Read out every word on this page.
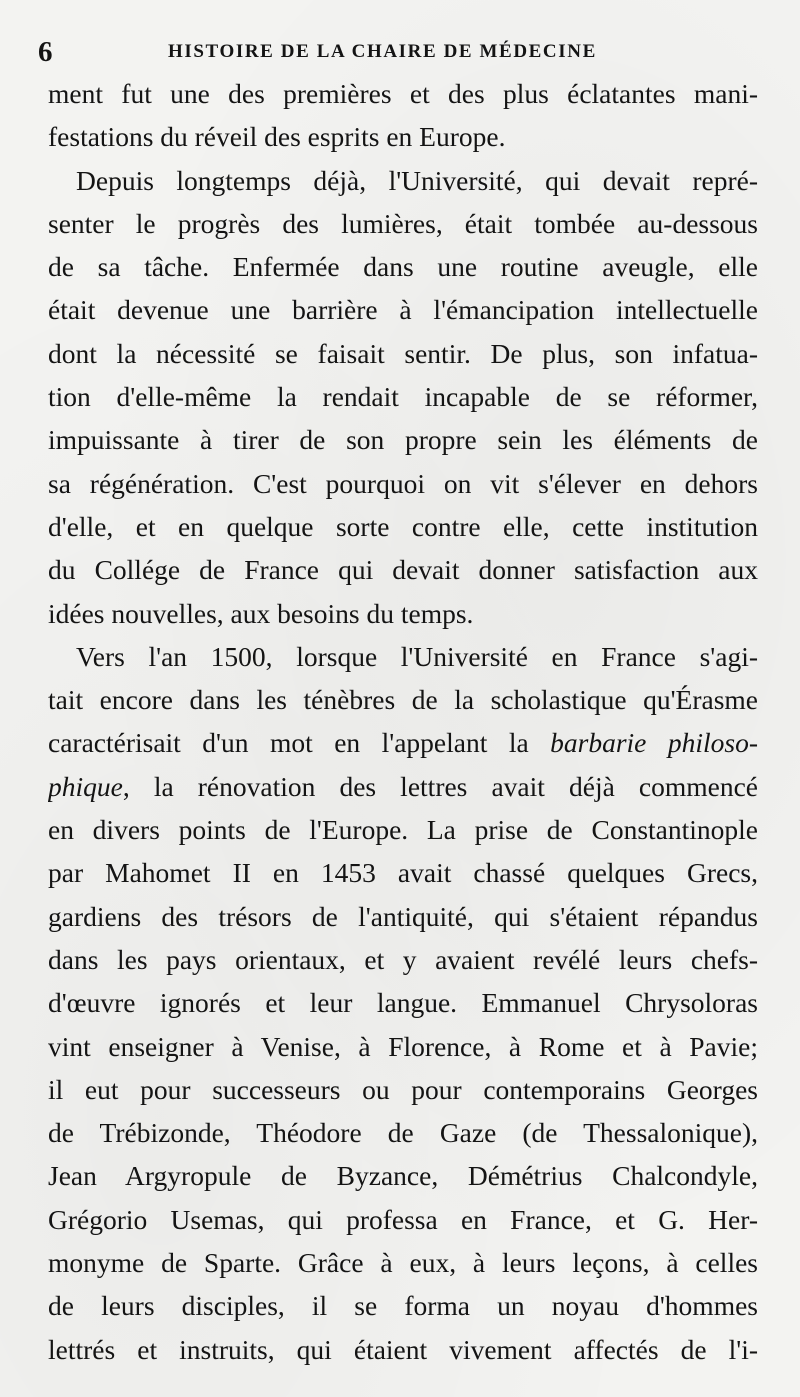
6	HISTOIRE DE LA CHAIRE DE MÉDECINE
ment fut une des premières et des plus éclatantes mani-
festations du réveil des esprits en Europe.
Depuis longtemps déjà, l'Université, qui devait repré-
senter le progrès des lumières, était tombée au-dessous
de sa tâche. Enfermée dans une routine aveugle, elle
était devenue une barrière à l'émancipation intellectuelle
dont la nécessité se faisait sentir. De plus, son infatua-
tion d'elle-même la rendait incapable de se réformer,
impuissante à tirer de son propre sein les éléments de
sa régénération. C'est pourquoi on vit s'élever en dehors
d'elle, et en quelque sorte contre elle, cette institution
du Collége de France qui devait donner satisfaction aux
idées nouvelles, aux besoins du temps.
Vers l'an 1500, lorsque l'Université en France s'agi-
tait encore dans les ténèbres de la scholastique qu'Érasme
caractérisait d'un mot en l'appelant la barbarie philoso-
phique, la rénovation des lettres avait déjà commencé
en divers points de l'Europe. La prise de Constantinople
par Mahomet II en 1453 avait chassé quelques Grecs,
gardiens des trésors de l'antiquité, qui s'étaient répandus
dans les pays orientaux, et y avaient revélé leurs chefs-
d'œuvre ignorés et leur langue. Emmanuel Chrysoloras
vint enseigner à Venise, à Florence, à Rome et à Pavie;
il eut pour successeurs ou pour contemporains Georges
de Trébizonde, Théodore de Gaze (de Thessalonique),
Jean Argyropule de Byzance, Démétrius Chalcondyle,
Grégorio Usemas, qui professa en France, et G. Her-
monyme de Sparte. Grâce à eux, à leurs leçons, à celles
de leurs disciples, il se forma un noyau d'hommes
lettrés et instruits, qui étaient vivement affectés de l'i-
